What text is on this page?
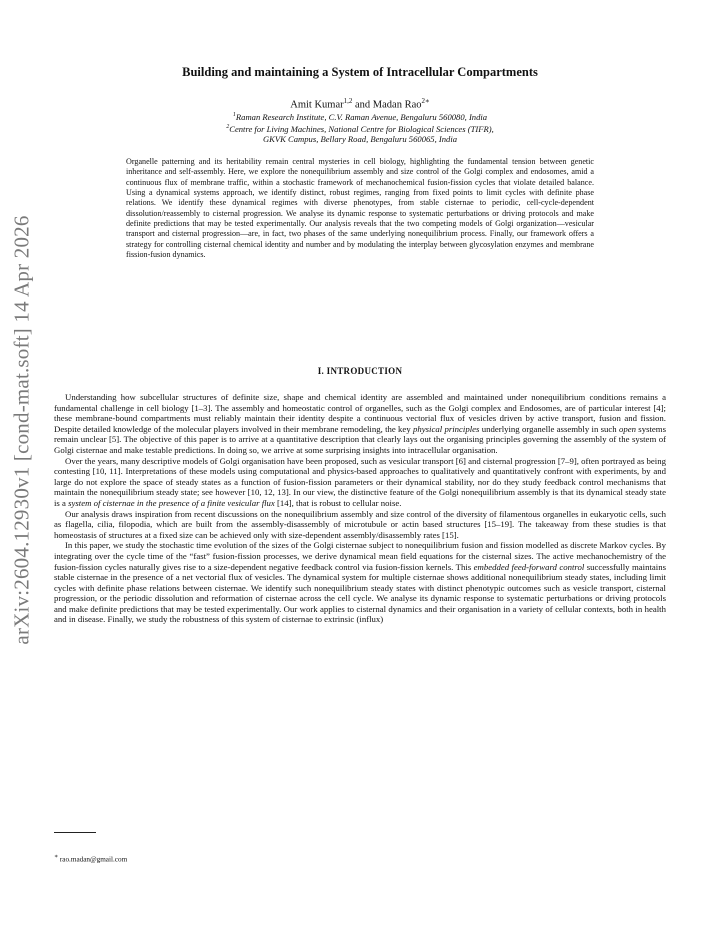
arXiv:2604.12930v1 [cond-mat.soft] 14 Apr 2026
Building and maintaining a System of Intracellular Compartments
Amit Kumar$^{1,2}$ and Madan Rao$^{2∗}$
$^1$Raman Research Institute, C.V. Raman Avenue, Bengaluru 560080, India
$^2$Centre for Living Machines, National Centre for Biological Sciences (TIFR),
GKVK Campus, Bellary Road, Bengaluru 560065, India
Organelle patterning and its heritability remain central mysteries in cell biology, highlighting the fundamental tension between genetic inheritance and self-assembly. Here, we explore the nonequilibrium assembly and size control of the Golgi complex and endosomes, amid a continuous flux of membrane traffic, within a stochastic framework of mechanochemical fusion-fission cycles that violate detailed balance. Using a dynamical systems approach, we identify distinct, robust regimes, ranging from fixed points to limit cycles with definite phase relations. We identify these dynamical regimes with diverse phenotypes, from stable cisternae to periodic, cell-cycle-dependent dissolution/reassembly to cisternal progression. We analyse its dynamic response to systematic perturbations or driving protocols and make definite predictions that may be tested experimentally. Our analysis reveals that the two competing models of Golgi organization—vesicular transport and cisternal progression—are, in fact, two phases of the same underlying nonequilibrium process. Finally, our framework offers a strategy for controlling cisternal chemical identity and number and by modulating the interplay between glycosylation enzymes and membrane fission-fusion dynamics.
I. INTRODUCTION

Understanding how subcellular structures of definite size, shape and chemical identity are assembled and maintained under nonequilibrium conditions remains a fundamental challenge in cell biology [1–3]. The assembly and homeostatic control of organelles, such as the Golgi complex and Endosomes, are of particular interest [4]; these membrane-bound compartments must reliably maintain their identity despite a continuous vectorial flux of vesicles driven by active transport, fusion and fission. Despite detailed knowledge of the molecular players involved in their membrane remodeling, the key physical principles underlying organelle assembly in such open systems remain unclear [5]. The objective of this paper is to arrive at a quantitative description that clearly lays out the organising principles governing the assembly of the system of Golgi cisternae and make testable predictions. In doing so, we arrive at some surprising insights into intracellular organisation.

Over the years, many descriptive models of Golgi organisation have been proposed, such as vesicular transport [6] and cisternal progression [7–9], often portrayed as being contesting [10, 11]. Interpretations of these models using computational and physics-based approaches to qualitatively and quantitatively confront with experiments, by and large do not explore the space of steady states as a function of fusion-fission parameters or their dynamical stability, nor do they study feedback control mechanisms that maintain the nonequilibrium steady state; see however [10, 12, 13]. In our view, the distinctive feature of the Golgi nonequilibrium assembly is that its dynamical steady state is a system of cisternae in the presence of a finite vesicular flux [14], that is robust to cellular noise.

Our analysis draws inspiration from recent discussions on the nonequilibrium assembly and size control of the diversity of filamentous organelles in eukaryotic cells, such as flagella, cilia, filopodia, which are built from the assembly-disassembly of microtubule or actin based structures [15–19]. The takeaway from these studies is that homeostasis of structures at a fixed size can be achieved only with size-dependent assembly/disassembly rates [15].

In this paper, we study the stochastic time evolution of the sizes of the Golgi cisternae subject to nonequilibrium fusion and fission modelled as discrete Markov cycles. By integrating over the cycle time of the “fast” fusion-fission processes, we derive dynamical mean field equations for the cisternal sizes. The active mechanochemistry of the fusion-fission cycles naturally gives rise to a size-dependent negative feedback control via fusion-fission kernels. This embedded feed-forward control successfully maintains stable cisternae in the presence of a net vectorial flux of vesicles. The dynamical system for multiple cisternae shows additional nonequilibrium steady states, including limit cycles with definite phase relations between cisternae. We identify such nonequilibrium steady states with distinct phenotypic outcomes such as vesicle transport, cisternal progression, or the periodic dissolution and reformation of cisternae across the cell cycle. We analyse its dynamic response to systematic perturbations or driving protocols and make definite predictions that may be tested experimentally. Our work applies to cisternal dynamics and their organisation in a variety of cellular contexts, both in health and in disease. Finally, we study the robustness of this system of cisternae to extrinsic (influx)

∗ rao.madan@gmail.com
